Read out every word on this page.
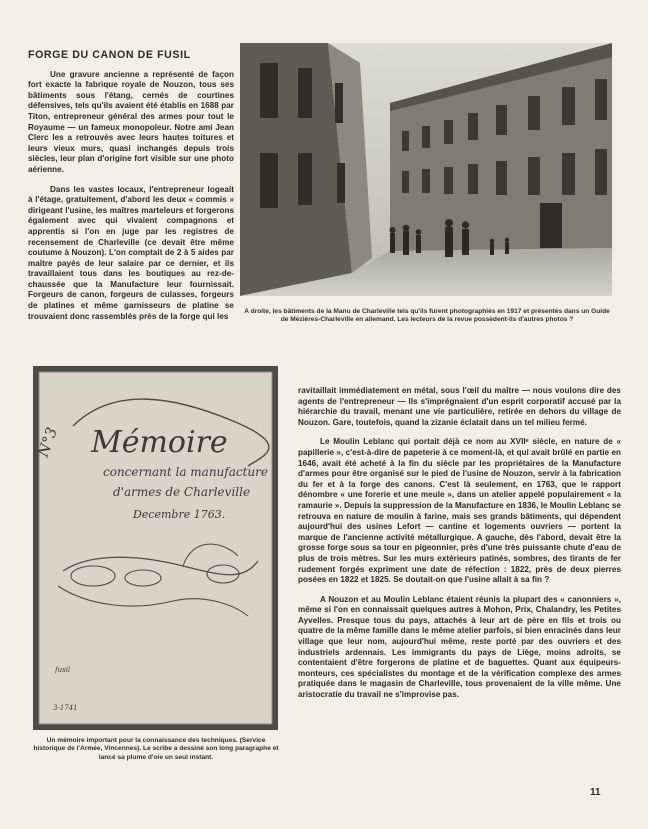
FORGE DU CANON DE FUSIL

Une gravure ancienne a représenté de façon fort exacte la fabrique royale de Nouzon, tous ses bâtiments sous l'étang, cernés de courtines défensives, tels qu'ils avaient été établis en 1688 par Titon, entrepreneur général des armes pour tout le Royaume — un fameux monopoleur. Notre ami Jean Clerc les a retrouvés avec leurs hautes toitures et leurs vieux murs, quasi inchangés depuis trois siècles, leur plan d'origine fort visible sur une photo aérienne.

Dans les vastes locaux, l'entrepreneur logeait à l'étage, gratuitement, d'abord les deux « commis » dirigeant l'usine, les maîtres marteleurs et forgerons également avec qui vivaient compagnons et apprentis si l'on en juge par les registres de recensement de Charleville (ce devait être même coutume à Nouzon). L'on comptait de 2 à 5 aides par maître payés de leur salaire par ce dernier, et ils travaillaient tous dans les boutiques au rez-de-chaussée que la Manufacture leur fournissait. Forgeurs de canon, forgeurs de culasses, forgeurs de platines et même garnisseurs de platine se trouvaient donc rassemblés près de la forge qui les

A droite, les bâtiments de la Manu de Charleville tels qu'ils furent photographiés en 1917 et présentés dans un Guide de Mézières-Charleville en allemand. Les lecteurs de la revue possèdent-ils d'autres photos ?
N°3 Mémoire
concernant la manufacture
d'armes de Charleville
Decembre 1763.
fusil
3-1741
Un mémoire important pour la connaissance des techniques. (Service historique de l'Armée, Vincennes). Le scribe a dessiné son long paragraphe et lancé sa plume d'oie un seul instant.

ravitaillait immédiatement en métal, sous l'œil du maître — nous voulons dire des agents de l'entrepreneur — Ils s'imprégnaient d'un esprit corporatif accusé par la hiérarchie du travail, menant une vie particulière, retirée en dehors du village de Nouzon. Gare, toutefois, quand la zizanie éclatait dans un tel milieu fermé.

Le Moulin Leblanc qui portait déjà ce nom au XVIIᵉ siècle, en nature de « papillerie », c'est-à-dire de papeterie à ce moment-là, et qui avait brûlé en partie en 1646, avait été acheté à la fin du siècle par les propriétaires de la Manufacture d'armes pour être organisé sur le pied de l'usine de Nouzon, servir à la fabrication du fer et à la forge des canons. C'est là seulement, en 1763, que le rapport dénombre « une forerie et une meule », dans un atelier appelé populairement « la ramaurie ». Depuis la suppression de la Manufacture en 1836, le Moulin Leblanc se retrouva en nature de moulin à farine, mais ses grands bâtiments, qui dépendent aujourd'hui des usines Lefort — cantine et logements ouvriers — portent la marque de l'ancienne activité métallurgique. A gauche, dès l'abord, devait être la grosse forge sous sa tour en pigeonnier, près d'une très puissante chute d'eau de plus de trois mètres. Sur les murs extérieurs patinés, sombres, des tirants de fer rudement forgés expriment une date de réfection : 1822, près de deux pierres posées en 1822 et 1825. Se doutait-on que l'usine allait à sa fin ?

A Nouzon et au Moulin Leblanc étaient réunis la plupart des « canonniers », même si l'on en connaissait quelques autres à Mohon, Prix, Chalandry, les Petites Ayvelles. Presque tous du pays, attachés à leur art de père en fils et trois ou quatre de la même famille dans le même atelier parfois, si bien enracinés dans leur village que leur nom, aujourd'hui même, reste porté par des ouvriers et des industriels ardennais. Les immigrants du pays de Liège, moins adroits, se contentaient d'être forgerons de platine et de baguettes. Quant aux équipeurs-monteurs, ces spécialistes du montage et de la vérification complexe des armes pratiquée dans le magasin de Charleville, tous provenaient de la ville même. Une aristocratie du travail ne s'improvise pas.

11
